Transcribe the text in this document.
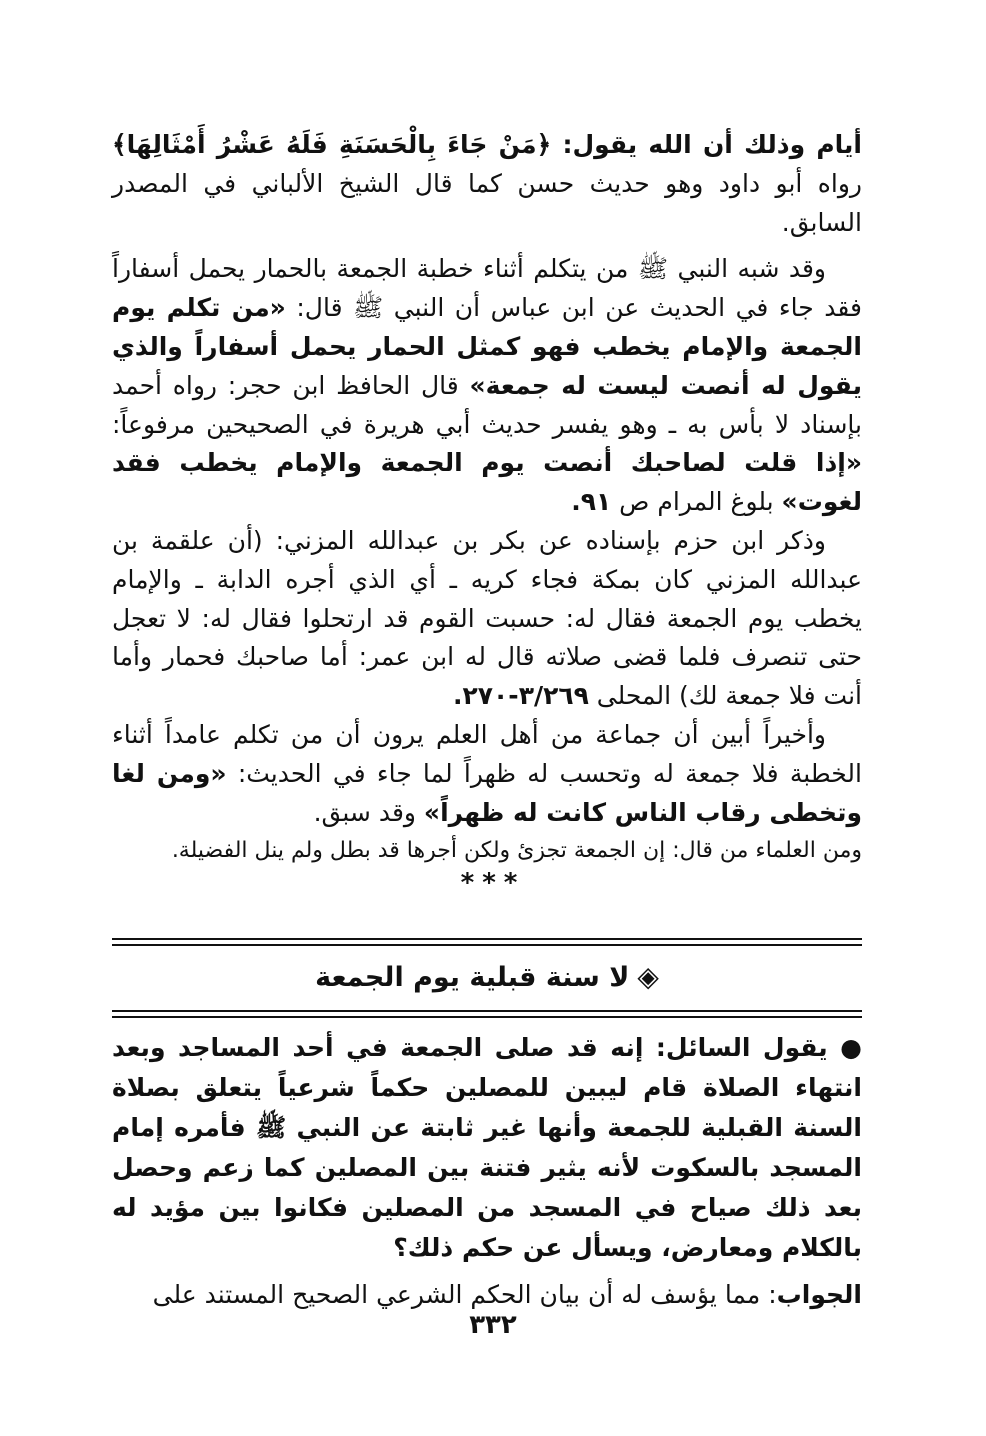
أيام وذلك أن الله يقول: ﴿مَنْ جَاءَ بِالْحَسَنَةِ فَلَهُ عَشْرُ أَمْثَالِهَا﴾ رواه أبو داود وهو حديث حسن كما قال الشيخ الألباني في المصدر السابق.

وقد شبه النبي ﷺ من يتكلم أثناء خطبة الجمعة بالحمار يحمل أسفاراً فقد جاء في الحديث عن ابن عباس أن النبي ﷺ قال: «من تكلم يوم الجمعة والإمام يخطب فهو كمثل الحمار يحمل أسفاراً والذي يقول له أنصت ليست له جمعة» قال الحافظ ابن حجر: رواه أحمد بإسناد لا بأس به ـ وهو يفسر حديث أبي هريرة في الصحيحين مرفوعاً: «إذا قلت لصاحبك أنصت يوم الجمعة والإمام يخطب فقد لغوت» بلوغ المرام ص ٩١.

وذكر ابن حزم بإسناده عن بكر بن عبدالله المزني: (أن علقمة بن عبدالله المزني كان بمكة فجاء كريه ـ أي الذي أجره الدابة ـ والإمام يخطب يوم الجمعة فقال له: حسبت القوم قد ارتحلوا فقال له: لا تعجل حتى تنصرف فلما قضى صلاته قال له ابن عمر: أما صاحبك فحمار وأما أنت فلا جمعة لك) المحلى ٣/٢٦٩-٢٧٠.

وأخيراً أبين أن جماعة من أهل العلم يرون أن من تكلم عامداً أثناء الخطبة فلا جمعة له وتحسب له ظهراً لما جاء في الحديث: «ومن لغا وتخطى رقاب الناس كانت له ظهراً» وقد سبق.

ومن العلماء من قال: إن الجمعة تجزئ ولكن أجرها قد بطل ولم ينل الفضيلة.

***
◈لا سنة قبلية يوم الجمعة

● يقول السائل: إنه قد صلى الجمعة في أحد المساجد وبعد انتهاء الصلاة قام ليبين للمصلين حكماً شرعياً يتعلق بصلاة السنة القبلية للجمعة وأنها غير ثابتة عن النبي ﷺ فأمره إمام المسجد بالسكوت لأنه يثير فتنة بين المصلين كما زعم وحصل بعد ذلك صياح في المسجد من المصلين فكانوا بين مؤيد له بالكلام ومعارض، ويسأل عن حكم ذلك؟

الجواب: مما يؤسف له أن بيان الحكم الشرعي الصحيح المستند على

٣٣٢
